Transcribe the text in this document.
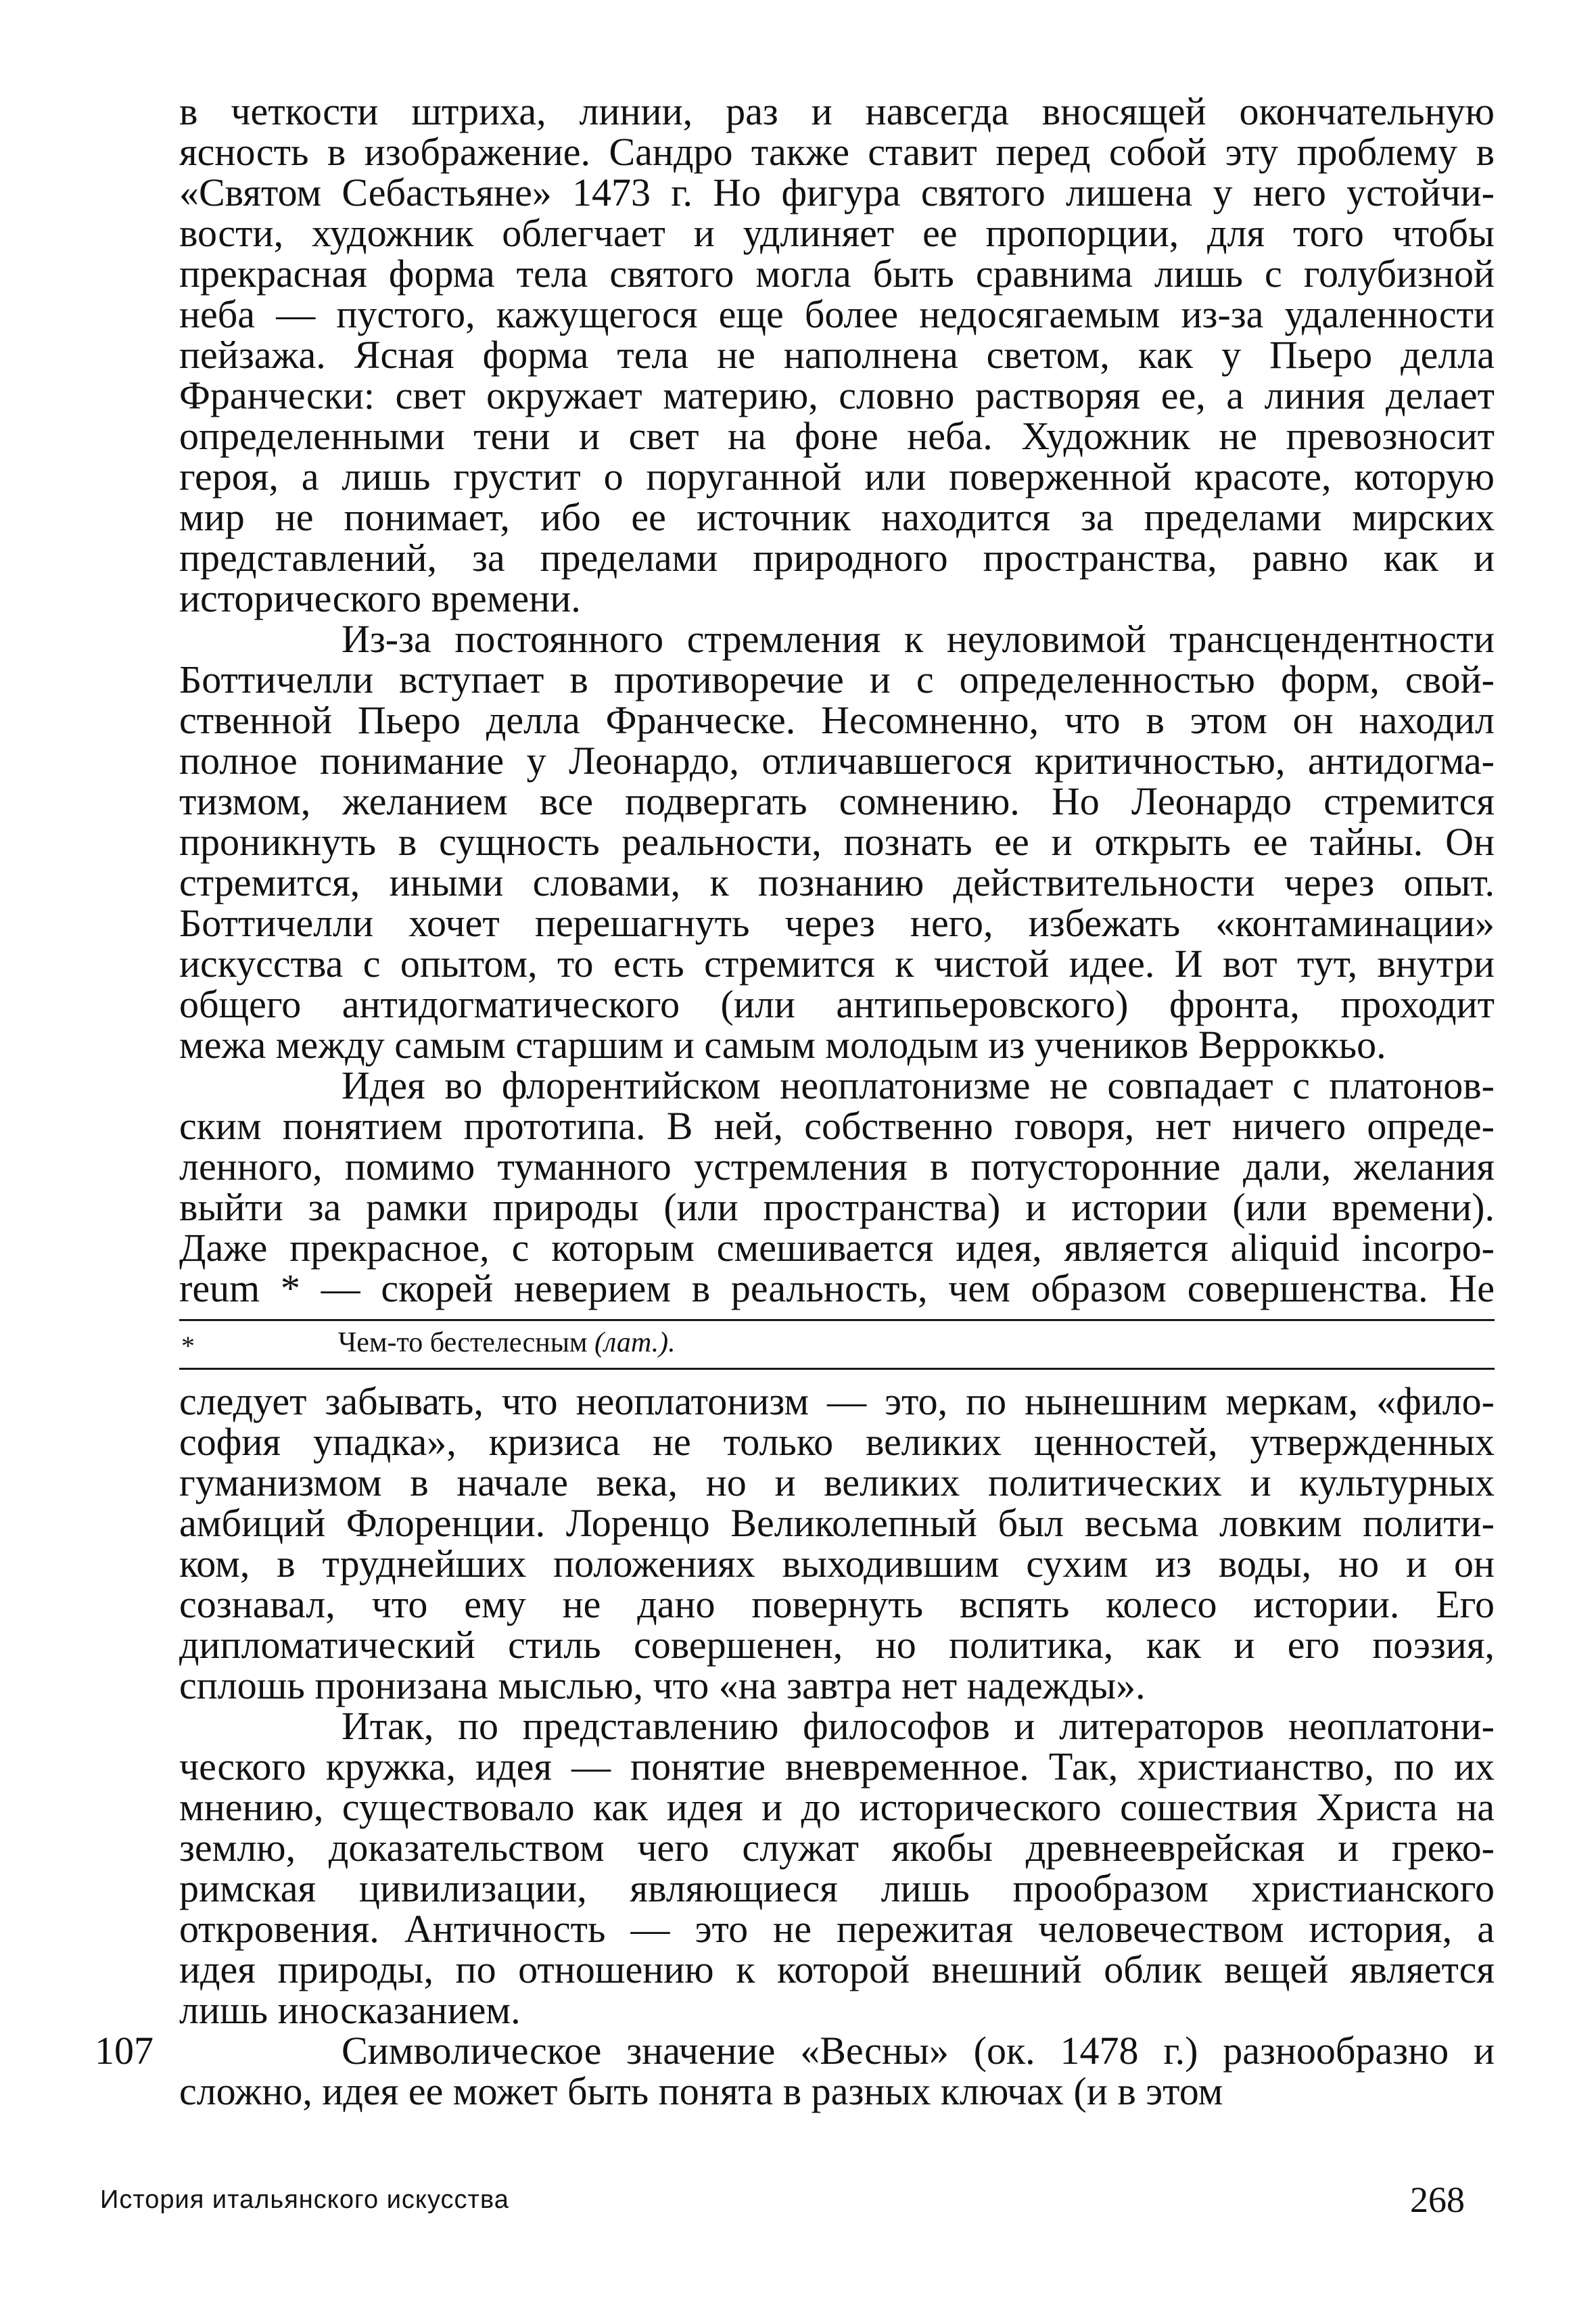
в четкости штриха, линии, раз и навсегда вносящей окончательную
ясность в изображение. Сандро также ставит перед собой эту проблему в
«Святом Себастьяне» 1473 г. Но фигура святого лишена у него устойчи-
вости, художник облегчает и удлиняет ее пропорции, для того чтобы
прекрасная форма тела святого могла быть сравнима лишь с голубизной
неба — пустого, кажущегося еще более недосягаемым из-за удаленности
пейзажа. Ясная форма тела не наполнена светом, как у Пьеро делла
Франчески: свет окружает материю, словно растворяя ее, а линия делает
определенными тени и свет на фоне неба. Художник не превозносит
героя, а лишь грустит о поруганной или поверженной красоте, которую
мир не понимает, ибо ее источник находится за пределами мирских
представлений, за пределами природного пространства, равно как и
исторического времени.
Из-за постоянного стремления к неуловимой трансцендентности
Боттичелли вступает в противоречие и с определенностью форм, свой-
ственной Пьеро делла Франческе. Несомненно, что в этом он находил
полное понимание у Леонардо, отличавшегося критичностью, антидогма-
тизмом, желанием все подвергать сомнению. Но Леонардо стремится
проникнуть в сущность реальности, познать ее и открыть ее тайны. Он
стремится, иными словами, к познанию действительности через опыт.
Боттичелли хочет перешагнуть через него, избежать «контаминации»
искусства с опытом, то есть стремится к чистой идее. И вот тут, внутри
общего антидогматического (или антипьеровского) фронта, проходит
межа между самым старшим и самым молодым из учеников Верроккьо.
Идея во флорентийском неоплатонизме не совпадает с платонов-
ским понятием прототипа. В ней, собственно говоря, нет ничего опреде-
ленного, помимо туманного устремления в потусторонние дали, желания
выйти за рамки природы (или пространства) и истории (или времени).
Даже прекрасное, с которым смешивается идея, является aliquid incorpo-
reum * — скорей неверием в реальность, чем образом совершенства. Не
*	Чем-то бестелесным (лат.).
следует забывать, что неоплатонизм — это, по нынешним меркам, «фило-
софия упадка», кризиса не только великих ценностей, утвержденных
гуманизмом в начале века, но и великих политических и культурных
амбиций Флоренции. Лоренцо Великолепный был весьма ловким полити-
ком, в труднейших положениях выходившим сухим из воды, но и он
сознавал, что ему не дано повернуть вспять колесо истории. Его
дипломатический стиль совершенен, но политика, как и его поэзия,
сплошь пронизана мыслью, что «на завтра нет надежды».
Итак, по представлению философов и литераторов неоплатони-
ческого кружка, идея — понятие вневременное. Так, христианство, по их
мнению, существовало как идея и до исторического сошествия Христа на
землю, доказательством чего служат якобы древнееврейская и греко-
римская цивилизации, являющиеся лишь прообразом христианского
откровения. Античность — это не пережитая человечеством история, а
идея природы, по отношению к которой внешний облик вещей является
лишь иносказанием.
107	Символическое значение «Весны» (ок. 1478 г.) разнообразно и
сложно, идея ее может быть понята в разных ключах (и в этом
История итальянского искусства	268
